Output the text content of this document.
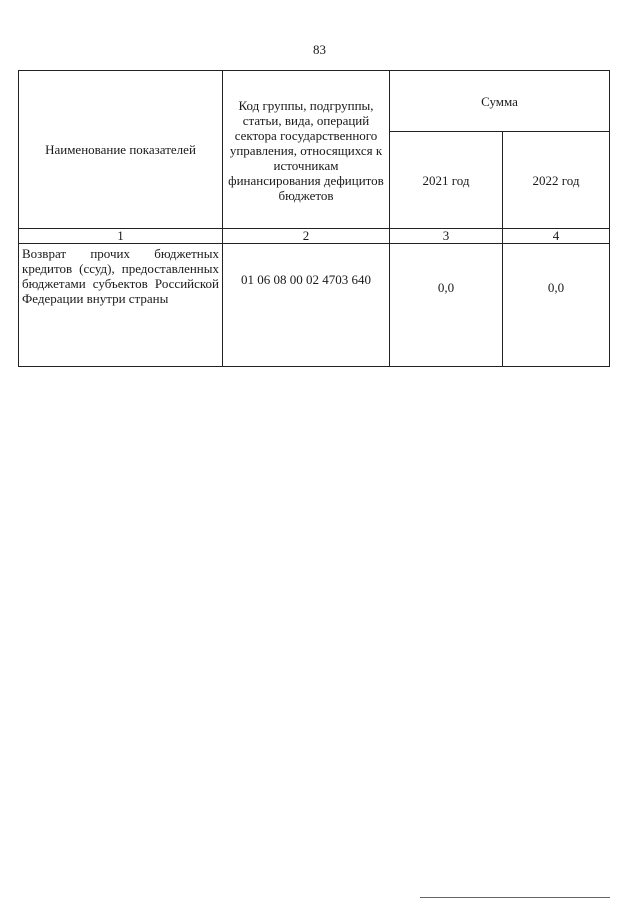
83
Наименование показателей	Код группы, подгруппы, статьи, вида, операций сектора государственного управления, относящихся к источникам финансирования дефицитов бюджетов	Сумма	
		2021 год	2022 год
1	2	3	4
Возврат прочих бюджетных кредитов (ссуд), предоставленных бюджетами субъектов Российской Федерации внутри страны	01 06 08 00 02 4703 640	0,0	0,0
